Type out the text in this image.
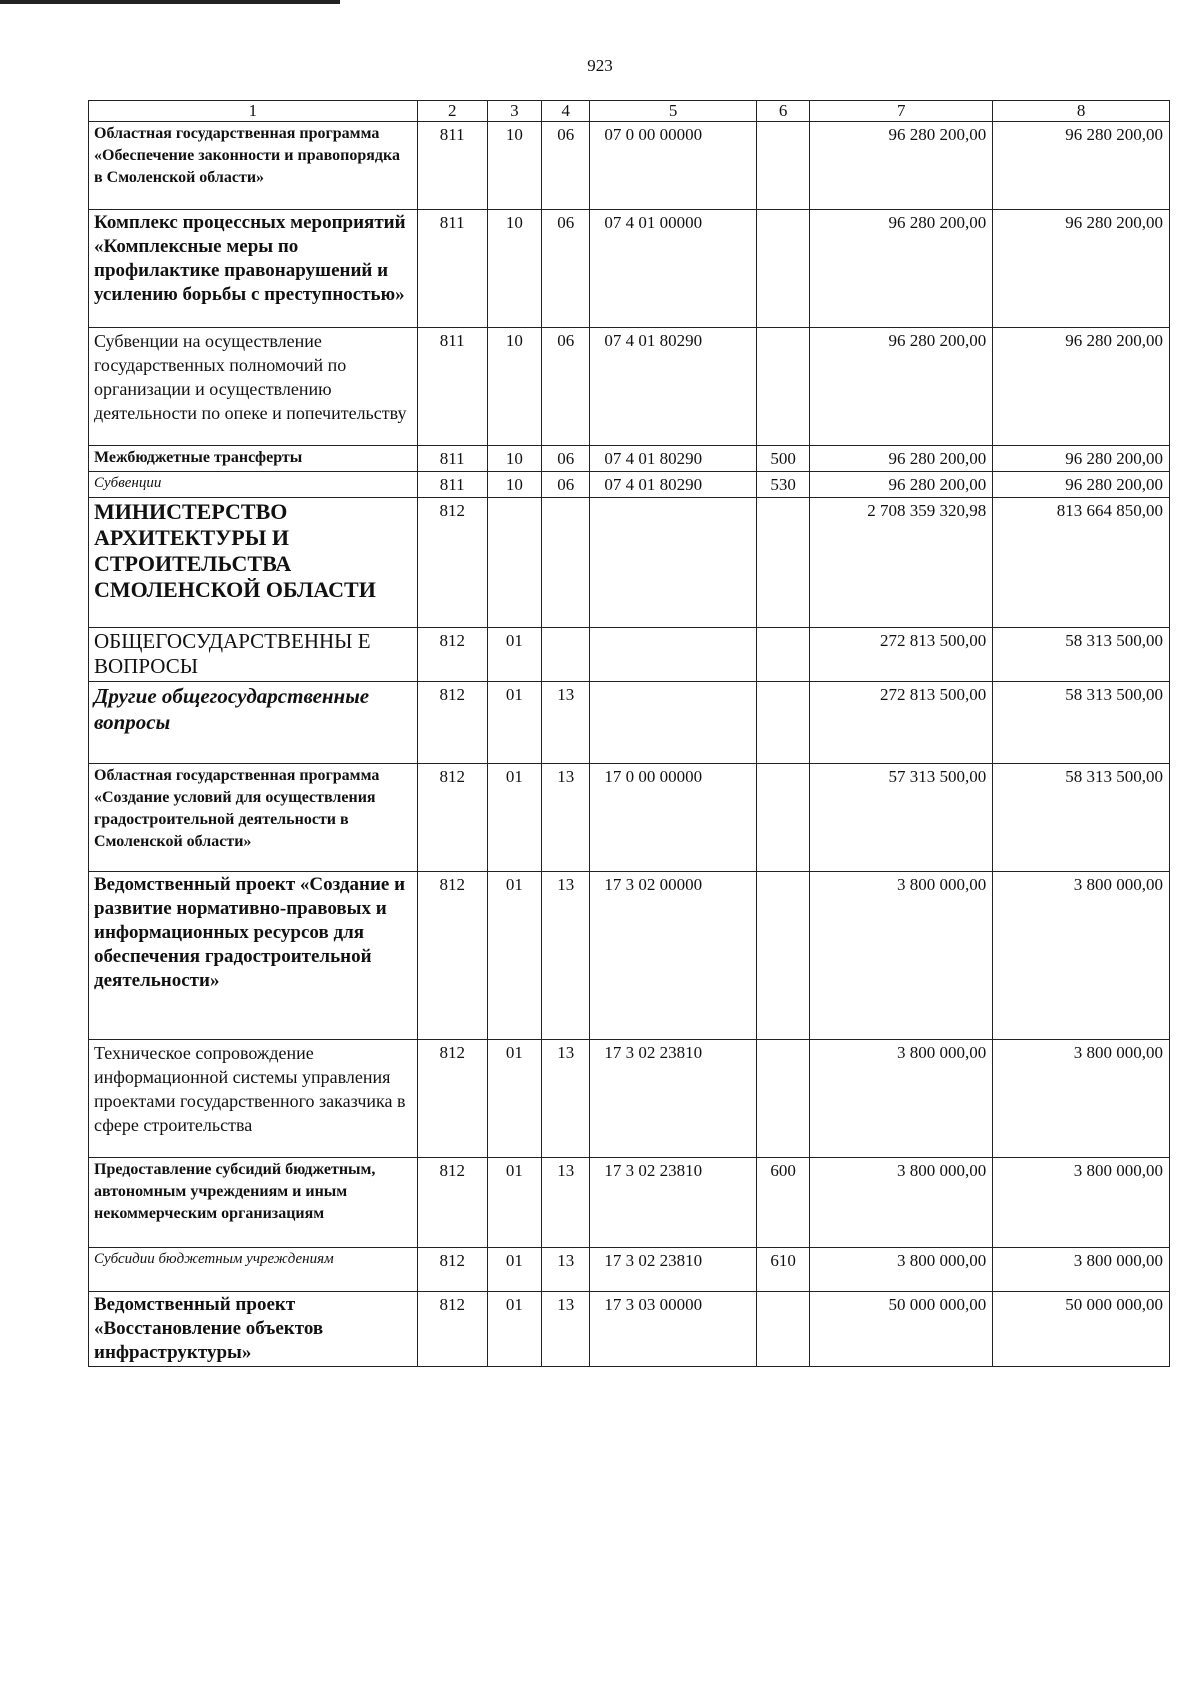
923
1	2	3	4	5	6	7	8
Областная государственная программа «Обеспечение законности и правопорядка в Смоленской области»	811	10	06	07 0 00 00000		96 280 200,00	96 280 200,00
Комплекс процессных мероприятий «Комплексные меры по профилактике правонарушений и усилению борьбы с преступностью»	811	10	06	07 4 01 00000		96 280 200,00	96 280 200,00
Субвенции на осуществление государственных полномочий по организации и осуществлению деятельности по опеке и попечительству	811	10	06	07 4 01 80290		96 280 200,00	96 280 200,00
Межбюджетные трансферты	811	10	06	07 4 01 80290	500	96 280 200,00	96 280 200,00
Субвенции	811	10	06	07 4 01 80290	530	96 280 200,00	96 280 200,00
МИНИСТЕРСТВО АРХИТЕКТУРЫ И СТРОИТЕЛЬСТВА СМОЛЕНСКОЙ ОБЛАСТИ	812					2 708 359 320,98	813 664 850,00
ОБЩЕГОСУДАРСТВЕННЫ Е ВОПРОСЫ	812	01				272 813 500,00	58 313 500,00
Другие общегосударственные вопросы	812	01	13			272 813 500,00	58 313 500,00
Областная государственная программа «Создание условий для осуществления градостроительной деятельности в Смоленской области»	812	01	13	17 0 00 00000		57 313 500,00	58 313 500,00
Ведомственный проект «Создание и развитие нормативно-правовых и информационных ресурсов для обеспечения градостроительной деятельности»	812	01	13	17 3 02 00000		3 800 000,00	3 800 000,00
Техническое сопровождение информационной системы управления проектами государственного заказчика в сфере строительства	812	01	13	17 3 02 23810		3 800 000,00	3 800 000,00
Предоставление субсидий бюджетным, автономным учреждениям и иным некоммерческим организациям	812	01	13	17 3 02 23810	600	3 800 000,00	3 800 000,00
Субсидии бюджетным учреждениям	812	01	13	17 3 02 23810	610	3 800 000,00	3 800 000,00
Ведомственный проект «Восстановление объектов инфраструктуры»	812	01	13	17 3 03 00000		50 000 000,00	50 000 000,00
